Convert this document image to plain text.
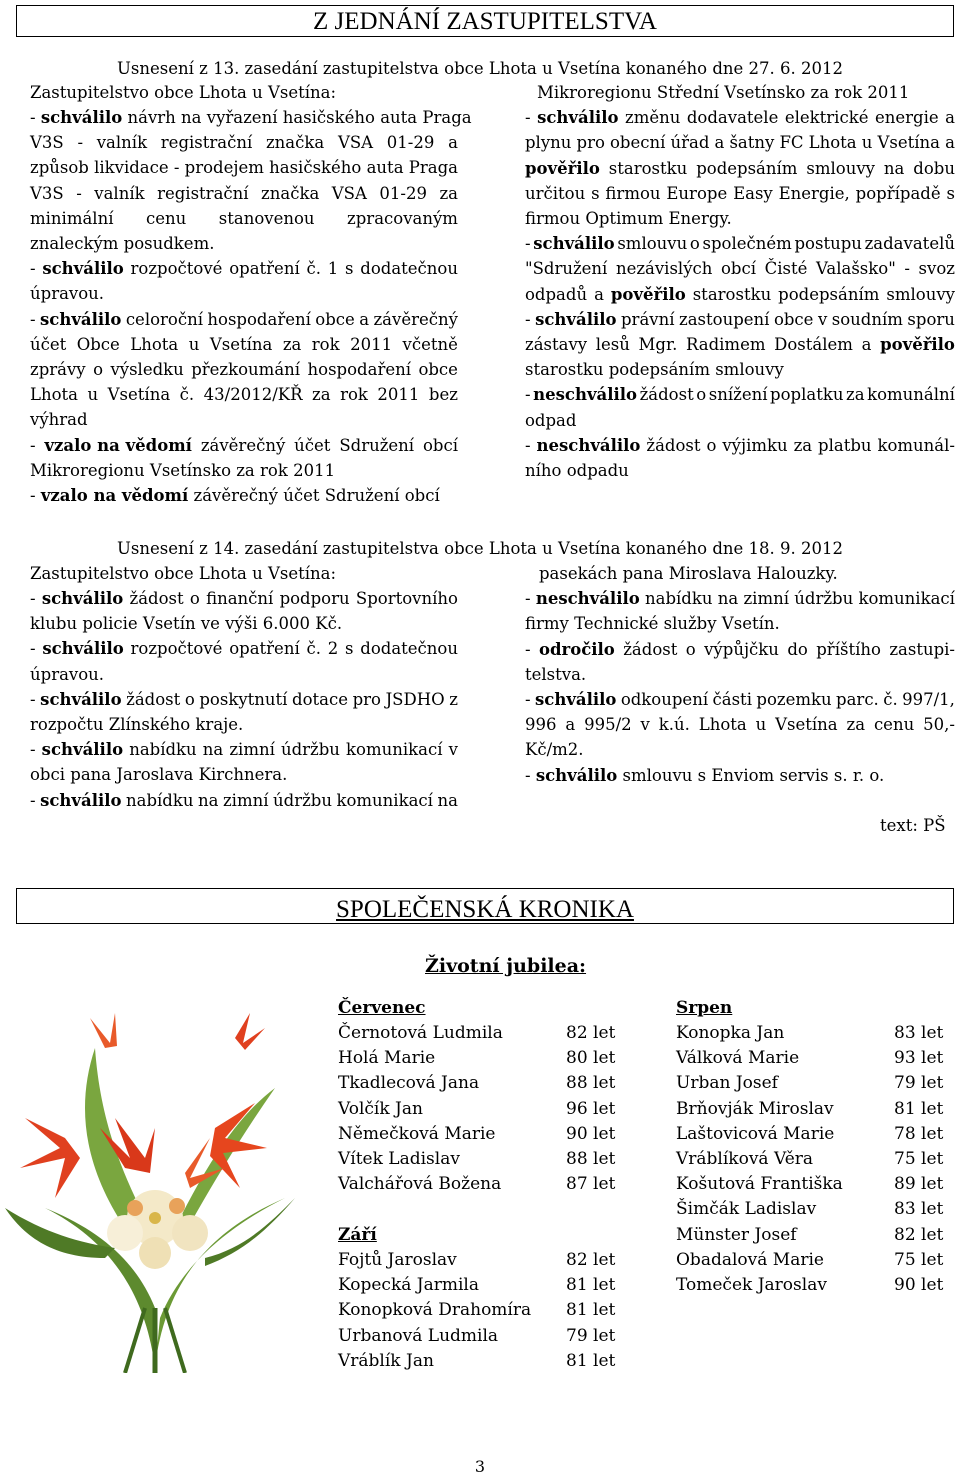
Z JEDNÁNÍ ZASTUPITELSTVA
Usnesení z 13. zasedání zastupitelstva obce Lhota u Vsetína konaného dne 27. 6. 2012
Zastupitelstvo obce Lhota u Vsetína:
- schválilo návrh na vyřazení hasičského auta Praga
V3S - valník registrační značka VSA 01-29 a
způsob likvidace - prodejem hasičského auta Praga
V3S - valník registrační značka VSA 01-29 za
minimální cenu stanovenou zpracovaným
znaleckým posudkem.
- schválilo rozpočtové opatření č. 1 s dodatečnou
úpravou.
- schválilo celoroční hospodaření obce a závěrečný
účet Obce Lhota u Vsetína za rok 2011 včetně
zprávy o výsledku přezkoumání hospodaření obce
Lhota u Vsetína č. 43/2012/KŘ za rok 2011 bez
výhrad
- vzalo na vědomí závěrečný účet Sdružení obcí
Mikroregionu Vsetínsko za rok 2011
- vzalo na vědomí závěrečný účet Sdružení obcí
Mikroregionu Střední Vsetínsko za rok 2011
- schválilo změnu dodavatele elektrické energie a
plynu pro obecní úřad a šatny FC Lhota u Vsetína a
pověřilo starostku podepsáním smlouvy na dobu
určitou s firmou Europe Easy Energie, popřípadě s
firmou Optimum Energy.
- schválilo smlouvu o společném postupu zadavatelů
"Sdružení nezávislých obcí Čisté Valašsko" - svoz
odpadů a pověřilo starostku podepsáním smlouvy
- schválilo právní zastoupení obce v soudním sporu
zástavy lesů Mgr. Radimem Dostálem a pověřilo
starostku podepsáním smlouvy
- neschválilo žádost o snížení poplatku za komunální
odpad
- neschválilo žádost o výjimku za platbu komunál-
ního odpadu
Usnesení z 14. zasedání zastupitelstva obce Lhota u Vsetína konaného dne 18. 9. 2012
Zastupitelstvo obce Lhota u Vsetína:
- schválilo žádost o finanční podporu Sportovního
klubu policie Vsetín ve výši 6.000 Kč.
- schválilo rozpočtové opatření č. 2 s dodatečnou
úpravou.
- schválilo žádost o poskytnutí dotace pro JSDHO z
rozpočtu Zlínského kraje.
- schválilo nabídku na zimní údržbu komunikací v
obci pana Jaroslava Kirchnera.
- schválilo nabídku na zimní údržbu komunikací na
pasekách pana Miroslava Halouzky.
- neschválilo nabídku na zimní údržbu komunikací
firmy Technické služby Vsetín.
- odročilo žádost o výpůjčku do příštího zastupi-
telstva.
- schválilo odkoupení části pozemku parc. č. 997/1,
996 a 995/2 v k.ú. Lhota u Vsetína za cenu 50,-
Kč/m2.
- schválilo smlouvu s Enviom servis s. r. o.
text: PŠ
SPOLEČENSKÁ KRONIKA
Životní jubilea:
Červenec
Černotová Ludmila	82 let
Holá Marie	80 let
Tkadlecová Jana	88 let
Volčík Jan	96 let
Němečková Marie	90 let
Vítek Ladislav	88 let
Valchářová Božena	87 let
Září
Fojtů Jaroslav	82 let
Kopecká Jarmila	81 let
Konopková Drahomíra 81 let
Urbanová Ludmila	79 let
Vráblík Jan	81 let
Srpen
Konopka Jan	83 let
Válková Marie	93 let
Urban Josef	79 let
Brňovják Miroslav	81 let
Laštovicová Marie	78 let
Vráblíková Věra	75 let
Košutová Františka	89 let
Šimčák Ladislav	83 let
Münster Josef	82 let
Obadalová Marie	75 let
Tomeček Jaroslav	90 let
3
